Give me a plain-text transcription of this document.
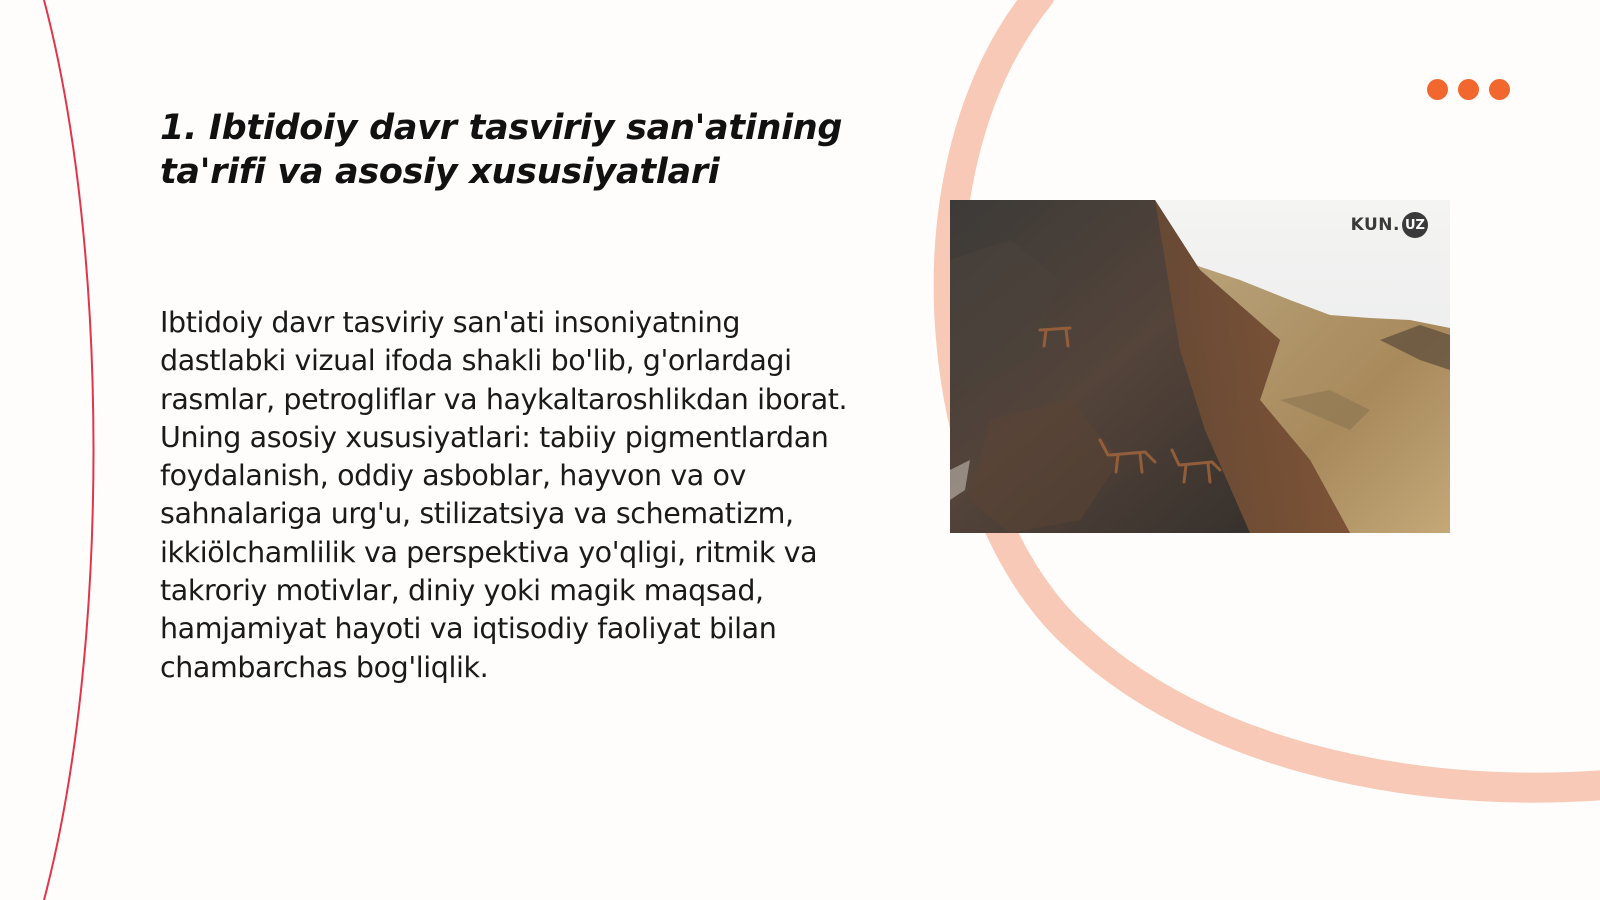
1. Ibtidoiy davr tasviriy san'atining ta'rifi va asosiy xususiyatlari

Ibtidoiy davr tasviriy san'ati insoniyatning dastlabki vizual ifoda shakli bo'lib, g'orlardagi rasmlar, petrogliflar va haykaltaroshlikdan iborat. Uning asosiy xususiyatlari: tabiiy pigmentlardan foydalanish, oddiy asboblar, hayvon va ov sahnalariga urg'u, stilizatsiya va schematizm, ikkiölchamlilik va perspektiva yo'qligi, ritmik va takroriy motivlar, diniy yoki magik maqsad, hamjamiyat hayoti va iqtisodiy faoliyat bilan chambarchas bog'liqlik.

KUN. UZ
